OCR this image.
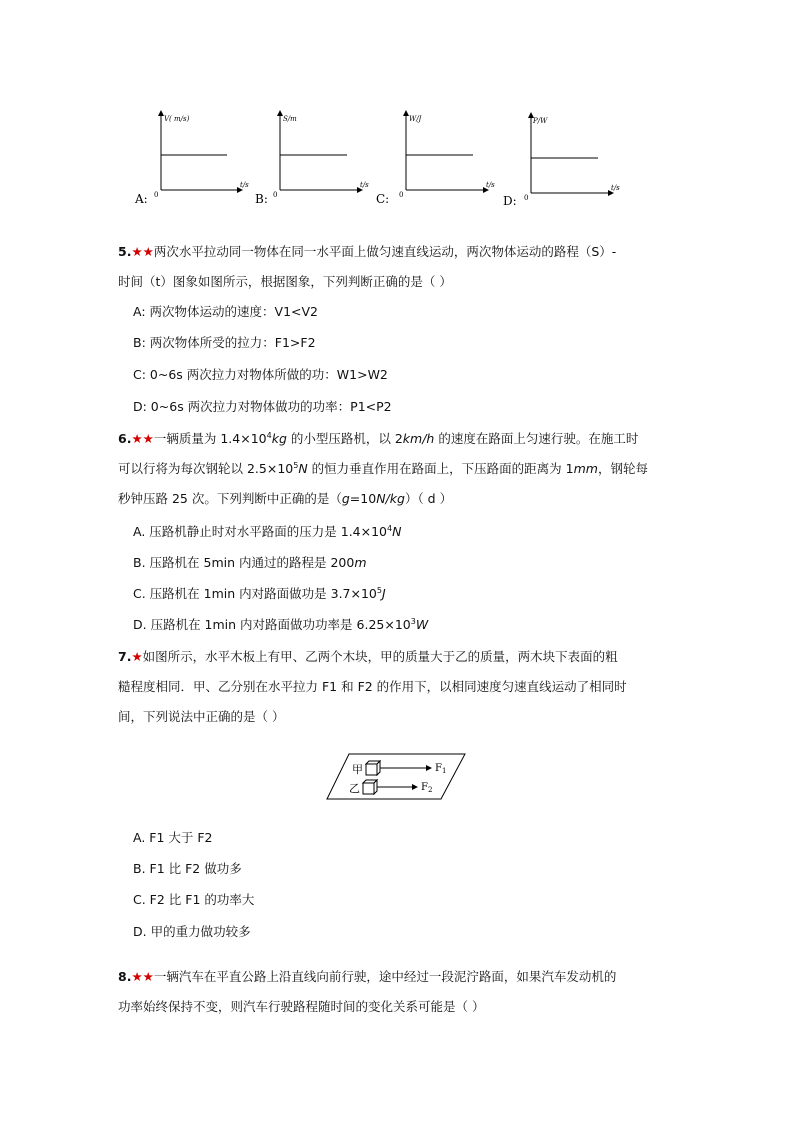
V( m/s)
t/s
0
A:
S/m
t/s
0
B:
W/J
t/s
0
C:
P/W
t/s
0
D:
5.★★两次水平拉动同一物体在同一水平面上做匀速直线运动，两次物体运动的路程（S）-
时间（t）图象如图所示，根据图象，下列判断正确的是（ ）
A: 两次物体运动的速度：V1<V2
B: 两次物体所受的拉力：F1>F2
C: 0~6s 两次拉力对物体所做的功：W1>W2
D: 0~6s 两次拉力对物体做功的功率：P1<P2
6.★★一辆质量为 $1.4\times 10^4kg$ 的小型压路机，以 2km/h 的速度在路面上匀速行驶。在施工时
可以行将为每次钢轮以 $2.5\times 10^5N$ 的恒力垂直作用在路面上，下压路面的距离为 1mm，钢轮每
秒钟压路 25 次。下列判断中正确的是（g=10N/kg）（ d ）
A. 压路机静止时对水平路面的压力是 $1.4\times 10^4N$
B. 压路机在 5min 内通过的路程是 200m
C. 压路机在 1min 内对路面做功是 $3.7\times 10^5J$
D. 压路机在 1min 内对路面做功功率是 $6.25\times 10^3W$
7.★如图所示，水平木板上有甲、乙两个木块，甲的质量大于乙的质量，两木块下表面的粗
糙程度相同．甲、乙分别在水平拉力 F1 和 F2 的作用下，以相同速度匀速直线运动了相同时
间，下列说法中正确的是（ ）
甲
乙
$F_1$
$F_2$
A. F1 大于 F2
B. F1 比 F2 做功多
C. F2 比 F1 的功率大
D. 甲的重力做功较多
8.★★一辆汽车在平直公路上沿直线向前行驶，途中经过一段泥泞路面，如果汽车发动机的
功率始终保持不变，则汽车行驶路程随时间的变化关系可能是（ ）
